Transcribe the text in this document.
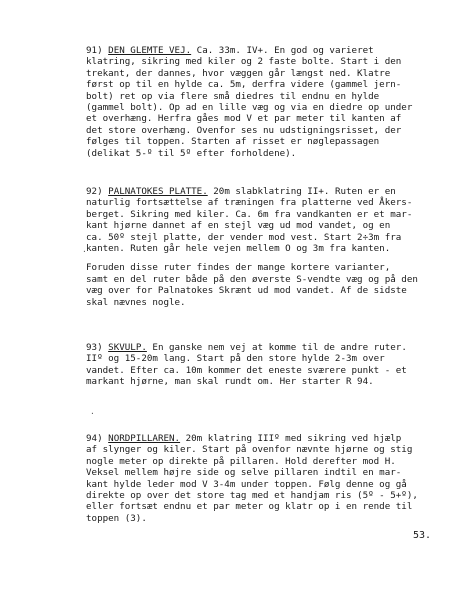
91) DEN GLEMTE VEJ. Ca. 33m. IV+. En god og varieret
klatring, sikring med kiler og 2 faste bolte. Start i den
trekant, der dannes, hvor væggen går længst ned. Klatre
først op til en hylde ca. 5m, derfra videre (gammel jern-
bolt) ret op via flere små diedres til endnu en hylde
(gammel bolt). Op ad en lille væg og via en diedre op under
et overhæng. Herfra gåes mod V et par meter til kanten af
det store overhæng. Ovenfor ses nu udstigningsrisset, der
følges til toppen. Starten af risset er nøglepassagen
(delikat 5-º til 5º efter forholdene).
92) PALNATOKES PLATTE. 20m slabklatring II+. Ruten er en
naturlig fortsættelse af træningen fra platterne ved Åkers-
berget. Sikring med kiler. Ca. 6m fra vandkanten er et mar-
kant hjørne dannet af en stejl væg ud mod vandet, og en
ca. 50º stejl platte, der vender mod vest. Start 2÷3m fra
kanten. Ruten går hele vejen mellem O og 3m fra kanten.
Foruden disse ruter findes der mange kortere varianter,
samt en del ruter både på den øverste S-vendte væg og på den
væg over for Palnatokes Skrænt ud mod vandet. Af de sidste
skal nævnes nogle.
93) SKVULP. En ganske nem vej at komme til de andre ruter.
IIº og 15-20m lang. Start på den store hylde 2-3m over
vandet. Efter ca. 10m kommer det eneste sværere punkt - et
markant hjørne, man skal rundt om. Her starter R 94.
94) NORDPILLAREN. 20m klatring IIIº med sikring ved hjælp
af slynger og kiler. Start på ovenfor nævnte hjørne og stig
nogle meter op direkte på pillaren. Hold derefter mod H.
Veksel mellem højre side og selve pillaren indtil en mar-
kant hylde leder mod V 3-4m under toppen. Følg denne og gå
direkte op over det store tag med et handjam ris (5º - 5+º),
eller fortsæt endnu et par meter og klatr op i en rende til
toppen (3).
·
·
53.
